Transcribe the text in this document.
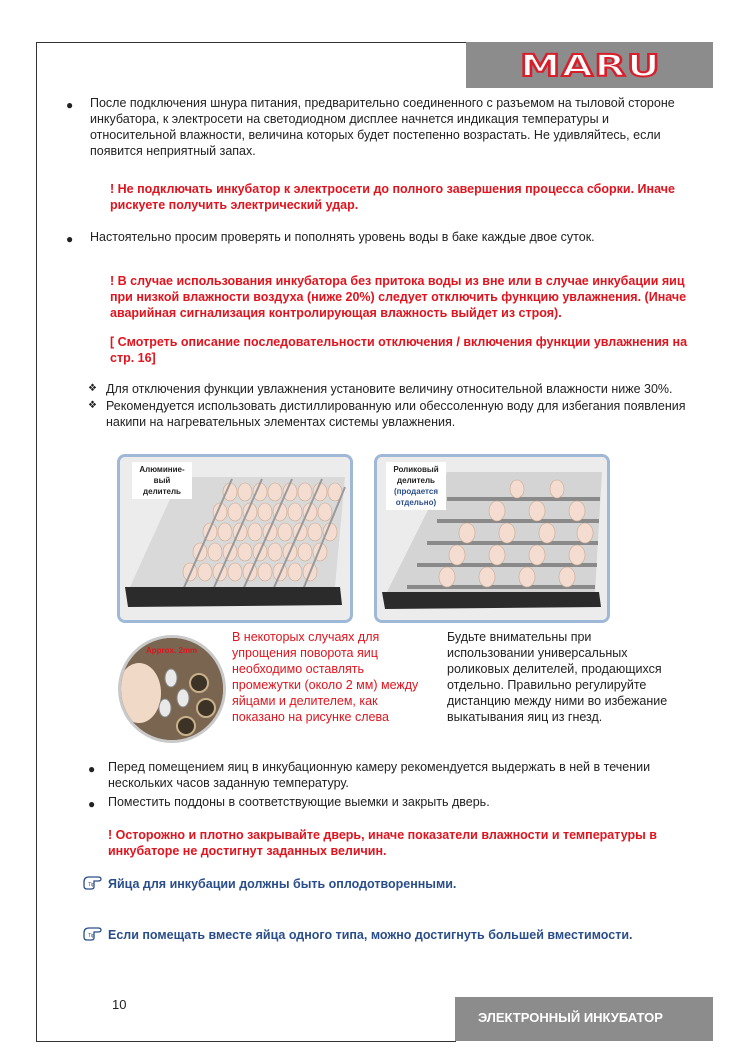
MARU
● После подключения шнура питания, предварительно соединенного с разъемом на тыловой стороне инкубатора, к электросети на светодиодном дисплее начнется индикация температуры и относительной влажности, величина которых будет постепенно возрастать. Не удивляйтесь, если появится неприятный запах.
! Не подключать инкубатор к электросети до полного завершения процесса сборки. Иначе рискуете получить электрический удар.
● Настоятельно просим проверять и пополнять уровень воды в баке каждые двое суток.
! В случае использования инкубатора без притока воды из вне или в случае инкубации яиц при низкой влажности воздуха (ниже 20%) следует отключить функцию увлажнения. (Иначе аварийная сигнализация контролирующая влажность выйдет из строя).
[ Смотреть описание последовательности отключения / включения функции увлажнения на стр. 16]
❖ Для отключения функции увлажнения установите величину относительной влажности ниже 30%.
❖ Рекомендуется использовать дистиллированную или обессоленную воду для избегания появления накипи на нагревательных элементах системы увлажнения.
Алюминие-вый делитель
Роликовый делитель
(продается отдельно)
Approx. 2mm
В некоторых случаях для упрощения поворота яиц необходимо оставлять промежутки (около 2 мм) между яйцами и делителем, как показано на рисунке слева
Будьте внимательны при использовании универсальных роликовых делителей, продающихся отдельно. Правильно регулируйте дистанцию между ними во избежание выкатывания яиц из гнезд.
● Перед помещением яиц в инкубационную камеру рекомендуется выдержать в ней в течении нескольких часов заданную температуру.
● Поместить поддоны в соответствующие выемки и закрыть дверь.
! Осторожно и плотно закрывайте дверь, иначе показатели влажности и температуры в инкубаторе не достигнут заданных величин.
Tip Яйца для инкубации должны быть оплодотворенными.
Tip Если помещать вместе яйца одного типа, можно достигнуть большей вместимости.
10
ЭЛЕКТРОННЫЙ ИНКУБАТОР
